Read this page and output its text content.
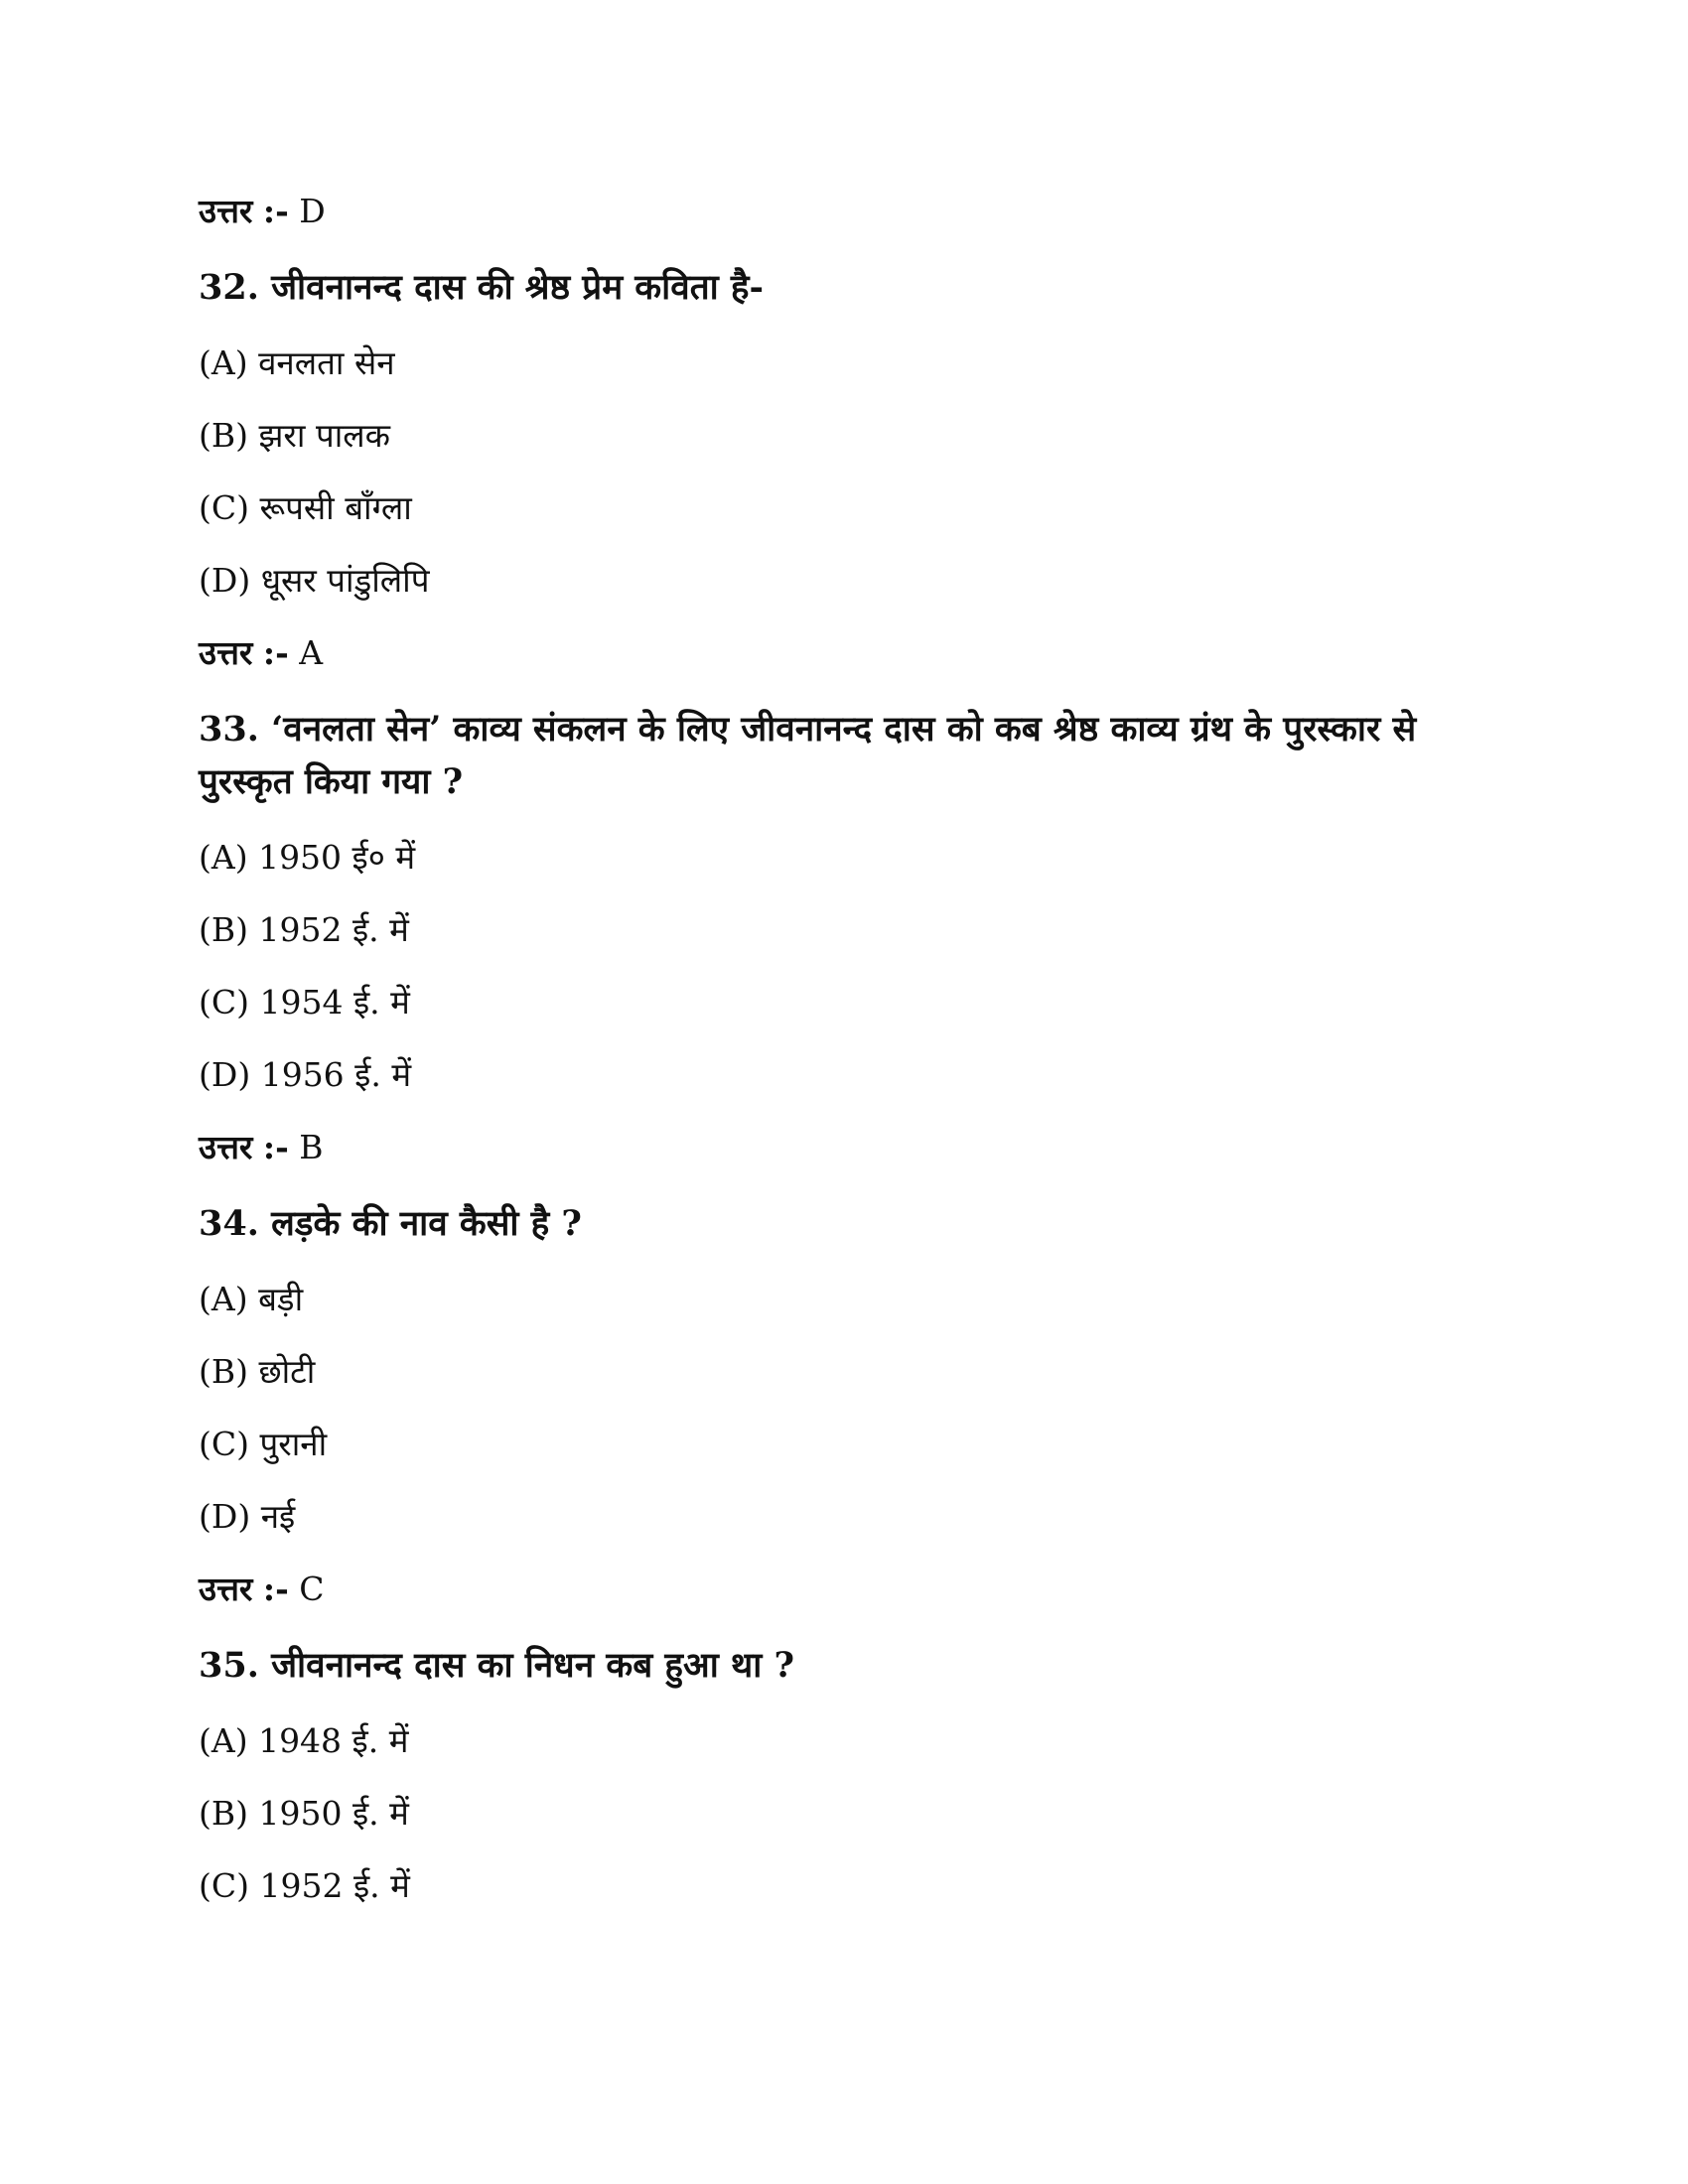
उत्तर :- D
32. जीवनानन्द दास की श्रेष्ठ प्रेम कविता है-
(A) वनलता सेन
(B) झरा पालक
(C) रूपसी बाँग्ला
(D) धूसर पांडुलिपि
उत्तर :- A
33. ‘वनलता सेन’ काव्य संकलन के लिए जीवनानन्द दास को कब श्रेष्ठ काव्य ग्रंथ के पुरस्कार से पुरस्कृत किया गया ?
(A) 1950 ई० में
(B) 1952 ई. में
(C) 1954 ई. में
(D) 1956 ई. में
उत्तर :- B
34. लड़के की नाव कैसी है ?
(A) बड़ी
(B) छोटी
(C) पुरानी
(D) नई
उत्तर :- C
35. जीवनानन्द दास का निधन कब हुआ था ?
(A) 1948 ई. में
(B) 1950 ई. में
(C) 1952 ई. में
